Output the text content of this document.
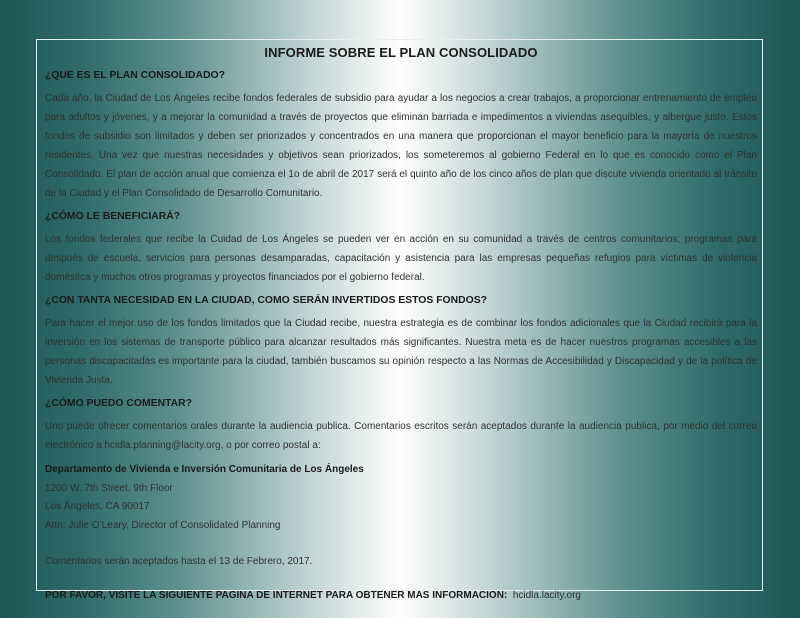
INFORME SOBRE EL PLAN CONSOLIDADO
¿QUE ES EL PLAN CONSOLIDADO?

Cada año, la Ciudad de Los Ángeles recibe fondos federales de subsidio para ayudar a los negocios a crear trabajos, a proporcionar entrenamiento de empleo para adultos y jóvenes, y a mejorar la comunidad a través de proyectos que eliminan barriada e impedimentos a viviendas asequibles, y albergue justo. Estos fondos de subsidio son limitados y deben ser priorizados y concentrados en una manera que proporcionan el mayor beneficio para la mayoría de nuestros residentes. Una vez que nuestras necesidades y objetivos sean priorizados, los someteremos al gobierno Federal en lo que es conocido como el Plan Consolidado. El plan de acción anual que comienza el 1o de abril de 2017 será el quinto año de los cinco años de plan que discute vivienda orientado al tránsito de la Ciudad y el Plan Consolidado de Desarrollo Comunitario.

¿CÓMO LE BENEFICIARÁ?

Los fondos federales que recibe la Cuidad de Los Ángeles se pueden ver en acción en su comunidad a través de centros comunitarios; programas para después de escuela, servicios para personas desamparadas, capacitación y asistencia para las empresas pequeñas refugios para víctimas de violencia doméstica y muchos otros programas y proyectos financiados por el gobierno federal.

¿CON TANTA NECESIDAD EN LA CIUDAD, COMO SERÁN INVERTIDOS ESTOS FONDOS?

Para hacer el mejor uso de los fondos limitados que la Ciudad recibe, nuestra estrategia es de combinar los fondos adicionales que la Ciudad recibirá para la inversión en los sistemas de transporte público para alcanzar resultados más significantes. Nuestra meta es de hacer nuestros programas accesibles a las personas discapacitadas es importante para la ciudad, también buscamos su opinión respecto a las Normas de Accesibilidad y Discapacidad y de la política de Vivienda Justa.

¿CÓMO PUEDO COMENTAR?

Uno puede ofrecer comentarios orales durante la audiencia publica. Comentarios escritos serán aceptados durante la audiencia publica, por medio del correo electrónico a hcidla.planning@lacity.org, o por correo postal a:

Departamento de Vivienda e Inversión Comunitaria de Los Ángeles
1200 W. 7th Street, 9th Floor
Los Ángeles, CA 90017
Attn: Julie O’Leary, Director of Consolidated Planning
Comentarios serán aceptados hasta el 13 de Febrero, 2017.
POR FAVOR, VISITE LA SIGUIENTE PAGINA DE INTERNET PARA OBTENER MAS INFORMACION: hcidla.lacity.org
